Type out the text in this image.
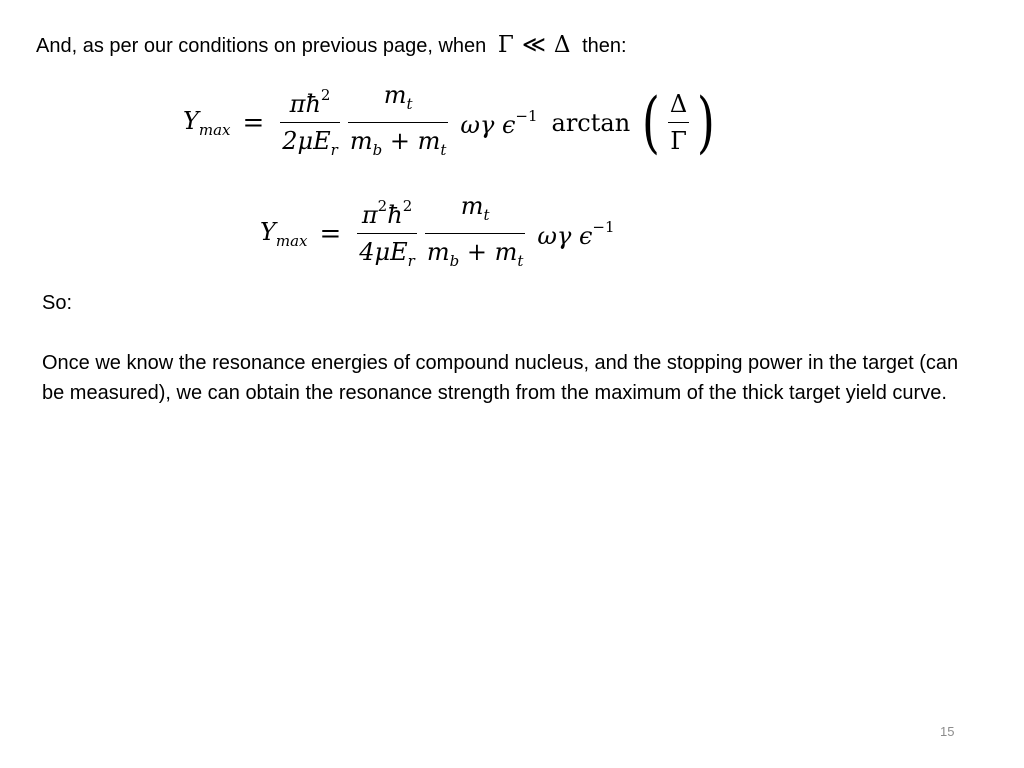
And, as per our conditions on previous page, when Γ ≪ Δ then:
$Y_{max} = \frac{\pi ħ^2}{2\mu E_r} \frac{m_t}{m_b + m_t}$ ωγ $\epsilon^{-1}$ arctan ( $\frac{\Delta}{\Gamma}$ )
$Y_{max} = \frac{\pi^2ħ^2}{4\mu E_r} \frac{m_t}{m_b + m_t}$ ωγ $\epsilon^{-1}$
So:
Once we know the resonance energies of compound nucleus, and the stopping power in the target (can be measured), we can obtain the resonance strength from the maximum of the thick target yield curve.
15
